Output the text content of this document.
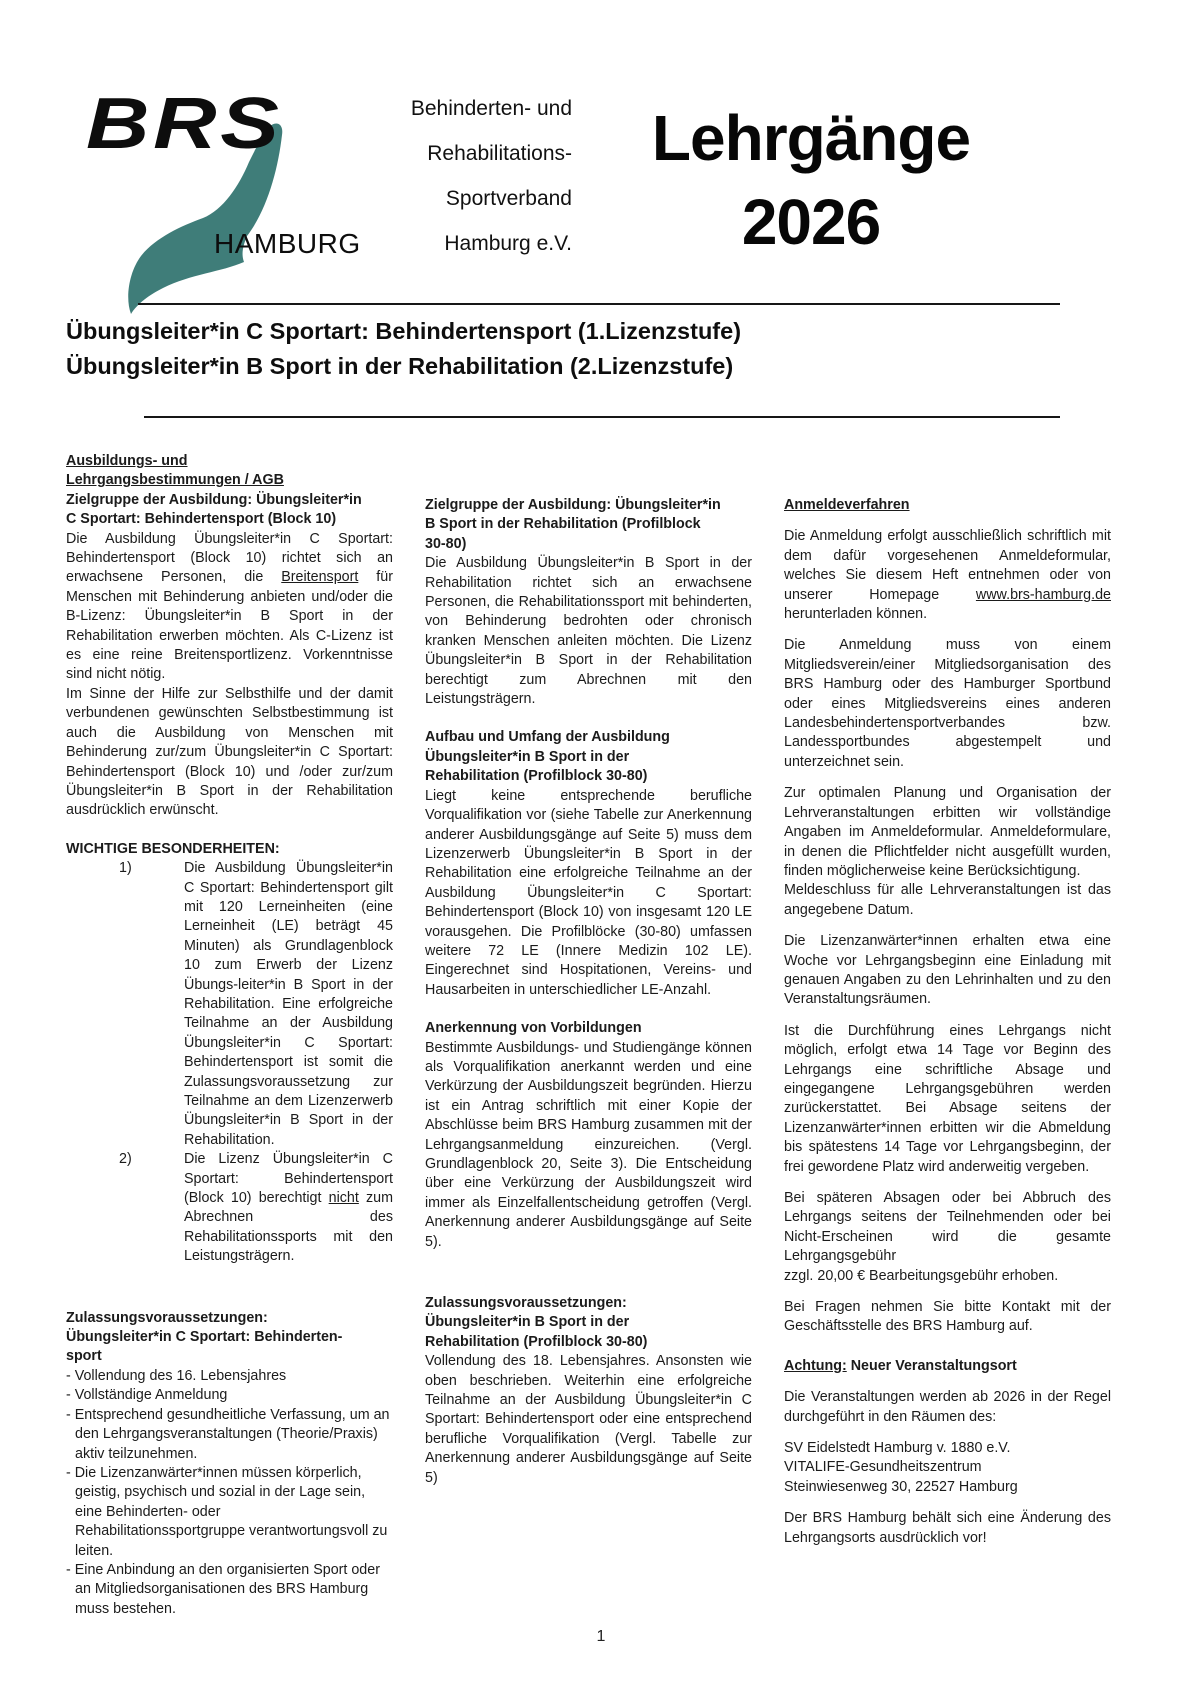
BRS
HAMBURG
Behinderten- und
Rehabilitations-
Sportverband
Hamburg e.V.
Lehrgänge
2026
Übungsleiter*in C Sportart: Behindertensport (1.Lizenzstufe)
Übungsleiter*in B Sport in der Rehabilitation (2.Lizenzstufe)
Ausbildungs- und
Lehrgangsbestimmungen / AGB
Zielgruppe der Ausbildung: Übungsleiter*in
C Sportart: Behindertensport (Block 10)
Die Ausbildung Übungsleiter*in C Sportart: Behindertensport (Block 10) richtet sich an erwachsene Personen, die Breitensport für Menschen mit Behinderung anbieten und/oder die B-Lizenz: Übungsleiter*in B Sport in der Rehabilitation erwerben möchten. Als C-Lizenz ist es eine reine Breitensportlizenz. Vorkenntnisse sind nicht nötig.
Im Sinne der Hilfe zur Selbsthilfe und der damit verbundenen gewünschten Selbstbestimmung ist auch die Ausbildung von Menschen mit Behinderung zur/zum Übungsleiter*in C Sportart: Behindertensport (Block 10) und /oder zur/zum Übungsleiter*in B Sport in der Rehabilitation ausdrücklich erwünscht.
WICHTIGE BESONDERHEITEN:
1)	Die Ausbildung Übungsleiter*in C Sportart: Behindertensport gilt mit 120 Lerneinheiten (eine Lerneinheit (LE) beträgt 45 Minuten) als Grundlagenblock 10 zum Erwerb der Lizenz Übungs-leiter*in B Sport in der Rehabilitation. Eine erfolgreiche Teilnahme an der Ausbildung Übungsleiter*in C Sportart: Behindertensport ist somit die Zulassungsvoraussetzung zur Teilnahme an dem Lizenzerwerb Übungsleiter*in B Sport in der Rehabilitation.
2)	Die Lizenz Übungsleiter*in C Sportart: Behindertensport (Block 10) berechtigt nicht zum Abrechnen des Rehabilitationssports mit den Leistungsträgern.
Zulassungsvoraussetzungen:
Übungsleiter*in C Sportart: Behinderten-
sport
- Vollendung des 16. Lebensjahres
- Vollständige Anmeldung
- Entsprechend gesundheitliche Verfassung, um an den Lehrgangsveranstaltungen (Theorie/Praxis) aktiv teilzunehmen.
- Die Lizenzanwärter*innen müssen körperlich, geistig, psychisch und sozial in der Lage sein, eine Behinderten- oder Rehabilitationssportgruppe verantwortungsvoll zu leiten.
- Eine Anbindung an den organisierten Sport oder an Mitgliedsorganisationen des BRS Hamburg muss bestehen.
Zielgruppe der Ausbildung: Übungsleiter*in
B Sport in der Rehabilitation (Profilblock
30-80)
Die Ausbildung Übungsleiter*in B Sport in der Rehabilitation richtet sich an erwachsene Personen, die Rehabilitationssport mit behinderten, von Behinderung bedrohten oder chronisch kranken Menschen anleiten möchten. Die Lizenz Übungsleiter*in B Sport in der Rehabilitation berechtigt zum Abrechnen mit den Leistungsträgern.
Aufbau und Umfang der Ausbildung
Übungsleiter*in B Sport in der
Rehabilitation (Profilblock 30-80)
Liegt keine entsprechende berufliche Vorqualifikation vor (siehe Tabelle zur Anerkennung anderer Ausbildungsgänge auf Seite 5) muss dem Lizenzerwerb Übungsleiter*in B Sport in der Rehabilitation eine erfolgreiche Teilnahme an der Ausbildung Übungsleiter*in C Sportart: Behindertensport (Block 10) von insgesamt 120 LE vorausgehen. Die Profilblöcke (30-80) umfassen weitere 72 LE (Innere Medizin 102 LE). Eingerechnet sind Hospitationen, Vereins- und Hausarbeiten in unterschiedlicher LE-Anzahl.
Anerkennung von Vorbildungen
Bestimmte Ausbildungs- und Studiengänge können als Vorqualifikation anerkannt werden und eine Verkürzung der Ausbildungszeit begründen. Hierzu ist ein Antrag schriftlich mit einer Kopie der Abschlüsse beim BRS Hamburg zusammen mit der Lehrgangsanmeldung einzureichen. (Vergl. Grundlagenblock 20, Seite 3). Die Entscheidung über eine Verkürzung der Ausbildungszeit wird immer als Einzelfallentscheidung getroffen (Vergl. Anerkennung anderer Ausbildungsgänge auf Seite 5).
Zulassungsvoraussetzungen:
Übungsleiter*in B Sport in der
Rehabilitation (Profilblock 30-80)
Vollendung des 18. Lebensjahres. Ansonsten wie oben beschrieben. Weiterhin eine erfolgreiche Teilnahme an der Ausbildung Übungsleiter*in C Sportart: Behindertensport oder eine entsprechend berufliche Vorqualifikation (Vergl. Tabelle zur Anerkennung anderer Ausbildungsgänge auf Seite 5)
Anmeldeverfahren
Die Anmeldung erfolgt ausschließlich schriftlich mit dem dafür vorgesehenen Anmeldeformular, welches Sie diesem Heft entnehmen oder von unserer Homepage www.brs-hamburg.de herunterladen können.
Die Anmeldung muss von einem Mitgliedsverein/einer Mitgliedsorganisation des BRS Hamburg oder des Hamburger Sportbund oder eines Mitgliedsvereins eines anderen Landesbehindertensportverbandes bzw. Landessportbundes abgestempelt und unterzeichnet sein.
Zur optimalen Planung und Organisation der Lehrveranstaltungen erbitten wir vollständige Angaben im Anmeldeformular. Anmeldeformulare, in denen die Pflichtfelder nicht ausgefüllt wurden, finden möglicherweise keine Berücksichtigung.
Meldeschluss für alle Lehrveranstaltungen ist das angegebene Datum.
Die Lizenzanwärter*innen erhalten etwa eine Woche vor Lehrgangsbeginn eine Einladung mit genauen Angaben zu den Lehrinhalten und zu den Veranstaltungsräumen.
Ist die Durchführung eines Lehrgangs nicht möglich, erfolgt etwa 14 Tage vor Beginn des Lehrgangs eine schriftliche Absage und eingegangene Lehrgangsgebühren werden zurückerstattet. Bei Absage seitens der Lizenzanwärter*innen erbitten wir die Abmeldung bis spätestens 14 Tage vor Lehrgangsbeginn, der frei gewordene Platz wird anderweitig vergeben.
Bei späteren Absagen oder bei Abbruch des Lehrgangs seitens der Teilnehmenden oder bei Nicht-Erscheinen wird die gesamte Lehrgangsgebühr
zzgl. 20,00 € Bearbeitungsgebühr erhoben.
Bei Fragen nehmen Sie bitte Kontakt mit der Geschäftsstelle des BRS Hamburg auf.
Achtung: Neuer Veranstaltungsort
Die Veranstaltungen werden ab 2026 in der Regel durchgeführt in den Räumen des:
SV Eidelstedt Hamburg v. 1880 e.V.
VITALIFE-Gesundheitszentrum
Steinwiesenweg 30, 22527 Hamburg
Der BRS Hamburg behält sich eine Änderung des Lehrgangsorts ausdrücklich vor!
1
